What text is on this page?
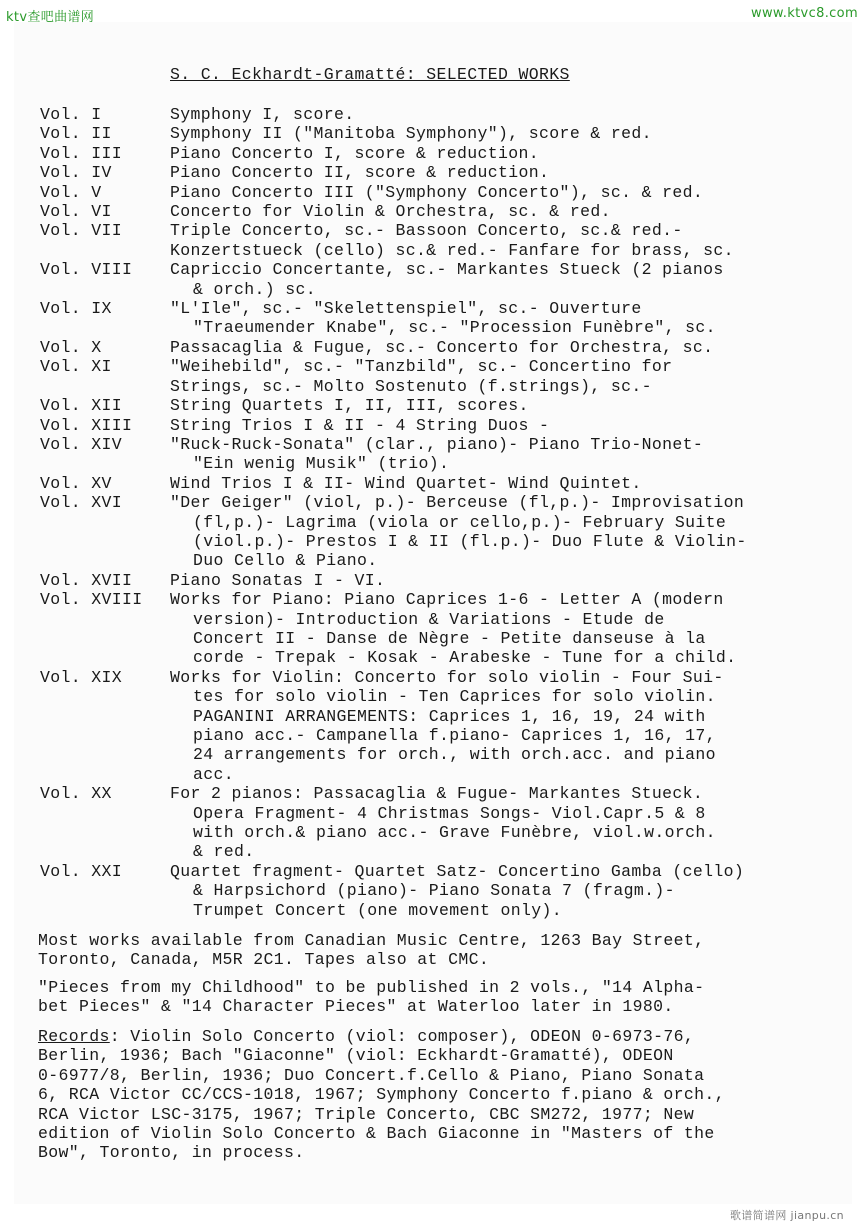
ktv查吧曲谱网	www.ktvc8.com
S. C. Eckhardt-Gramatté: SELECTED WORKS
Vol. I	Symphony I, score.
Vol. II	Symphony II ("Manitoba Symphony"), score & red.
Vol. III	Piano Concerto I, score & reduction.
Vol. IV	Piano Concerto II, score & reduction.
Vol. V	Piano Concerto III ("Symphony Concerto"), sc. & red.
Vol. VI	Concerto for Violin & Orchestra, sc. & red.
Vol. VII	Triple Concerto, sc.- Bassoon Concerto, sc.& red.-
Konzertstueck (cello) sc.& red.- Fanfare for brass, sc.
Vol. VIII	Capriccio Concertante, sc.- Markantes Stueck (2 pianos
& orch.) sc.
Vol. IX	"L'Ile", sc.- "Skelettenspiel", sc.- Ouverture
"Traeumender Knabe", sc.- "Procession Funèbre", sc.
Vol. X	Passacaglia & Fugue, sc.- Concerto for Orchestra, sc.
Vol. XI	"Weihebild", sc.- "Tanzbild", sc.- Concertino for
Strings, sc.- Molto Sostenuto (f.strings), sc.-
Vol. XII	String Quartets I, II, III, scores.
Vol. XIII	String Trios I & II - 4 String Duos -
Vol. XIV	"Ruck-Ruck-Sonata" (clar., piano)- Piano Trio-Nonet-
"Ein wenig Musik" (trio).
Vol. XV	Wind Trios I & II- Wind Quartet- Wind Quintet.
Vol. XVI	"Der Geiger" (viol, p.)- Berceuse (fl,p.)- Improvisation
(fl,p.)- Lagrima (viola or cello,p.)- February Suite
(viol.p.)- Prestos I & II (fl.p.)- Duo Flute & Violin-
Duo Cello & Piano.
Vol. XVII	Piano Sonatas I - VI.
Vol. XVIII	Works for Piano: Piano Caprices 1-6 - Letter A (modern
version)- Introduction & Variations - Etude de
Concert II - Danse de Nègre - Petite danseuse à la
corde - Trepak - Kosak - Arabeske - Tune for a child.
Vol. XIX	Works for Violin: Concerto for solo violin - Four Sui-
tes for solo violin - Ten Caprices for solo violin.
PAGANINI ARRANGEMENTS: Caprices 1, 16, 19, 24 with
piano acc.- Campanella f.piano- Caprices 1, 16, 17,
24 arrangements for orch., with orch.acc. and piano
acc.
Vol. XX	For 2 pianos: Passacaglia & Fugue- Markantes Stueck.
Opera Fragment- 4 Christmas Songs- Viol.Capr.5 & 8
with orch.& piano acc.- Grave Funèbre, viol.w.orch.
& red.
Vol. XXI	Quartet fragment- Quartet Satz- Concertino Gamba (cello)
& Harpsichord (piano)- Piano Sonata 7 (fragm.)-
Trumpet Concert (one movement only).
Most works available from Canadian Music Centre, 1263 Bay Street,
Toronto, Canada, M5R 2C1. Tapes also at CMC.
"Pieces from my Childhood" to be published in 2 vols., "14 Alpha-
bet Pieces" & "14 Character Pieces" at Waterloo later in 1980.
Records: Violin Solo Concerto (viol: composer), ODEON 0-6973-76,
Berlin, 1936; Bach "Giaconne" (viol: Eckhardt-Gramatté), ODEON
0-6977/8, Berlin, 1936; Duo Concert.f.Cello & Piano, Piano Sonata
6, RCA Victor CC/CCS-1018, 1967; Symphony Concerto f.piano & orch.,
RCA Victor LSC-3175, 1967; Triple Concerto, CBC SM272, 1977; New
edition of Violin Solo Concerto & Bach Giaconne in "Masters of the
Bow", Toronto, in process.
歌谱简谱网 jianpu.cn
